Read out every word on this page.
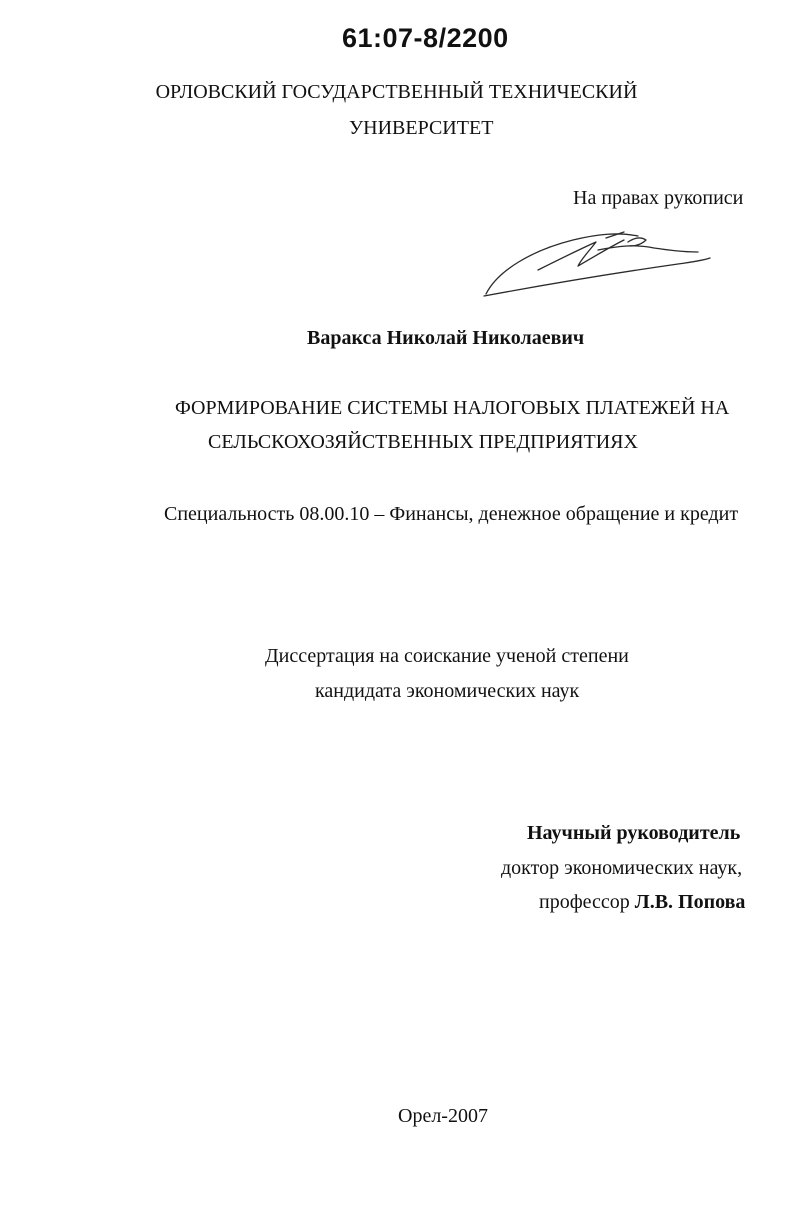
61:07-8/2200
ОРЛОВСКИЙ ГОСУДАРСТВЕННЫЙ ТЕХНИЧЕСКИЙ
УНИВЕРСИТЕТ
На правах рукописи
Варакса Николай Николаевич
ФОРМИРОВАНИЕ СИСТЕМЫ НАЛОГОВЫХ ПЛАТЕЖЕЙ НА
СЕЛЬСКОХОЗЯЙСТВЕННЫХ ПРЕДПРИЯТИЯХ
Специальность 08.00.10 – Финансы, денежное обращение и кредит
Диссертация на соискание ученой степени
кандидата экономических наук
Научный руководитель
доктор экономических наук,
профессор Л.В. Попова
Орел-2007
